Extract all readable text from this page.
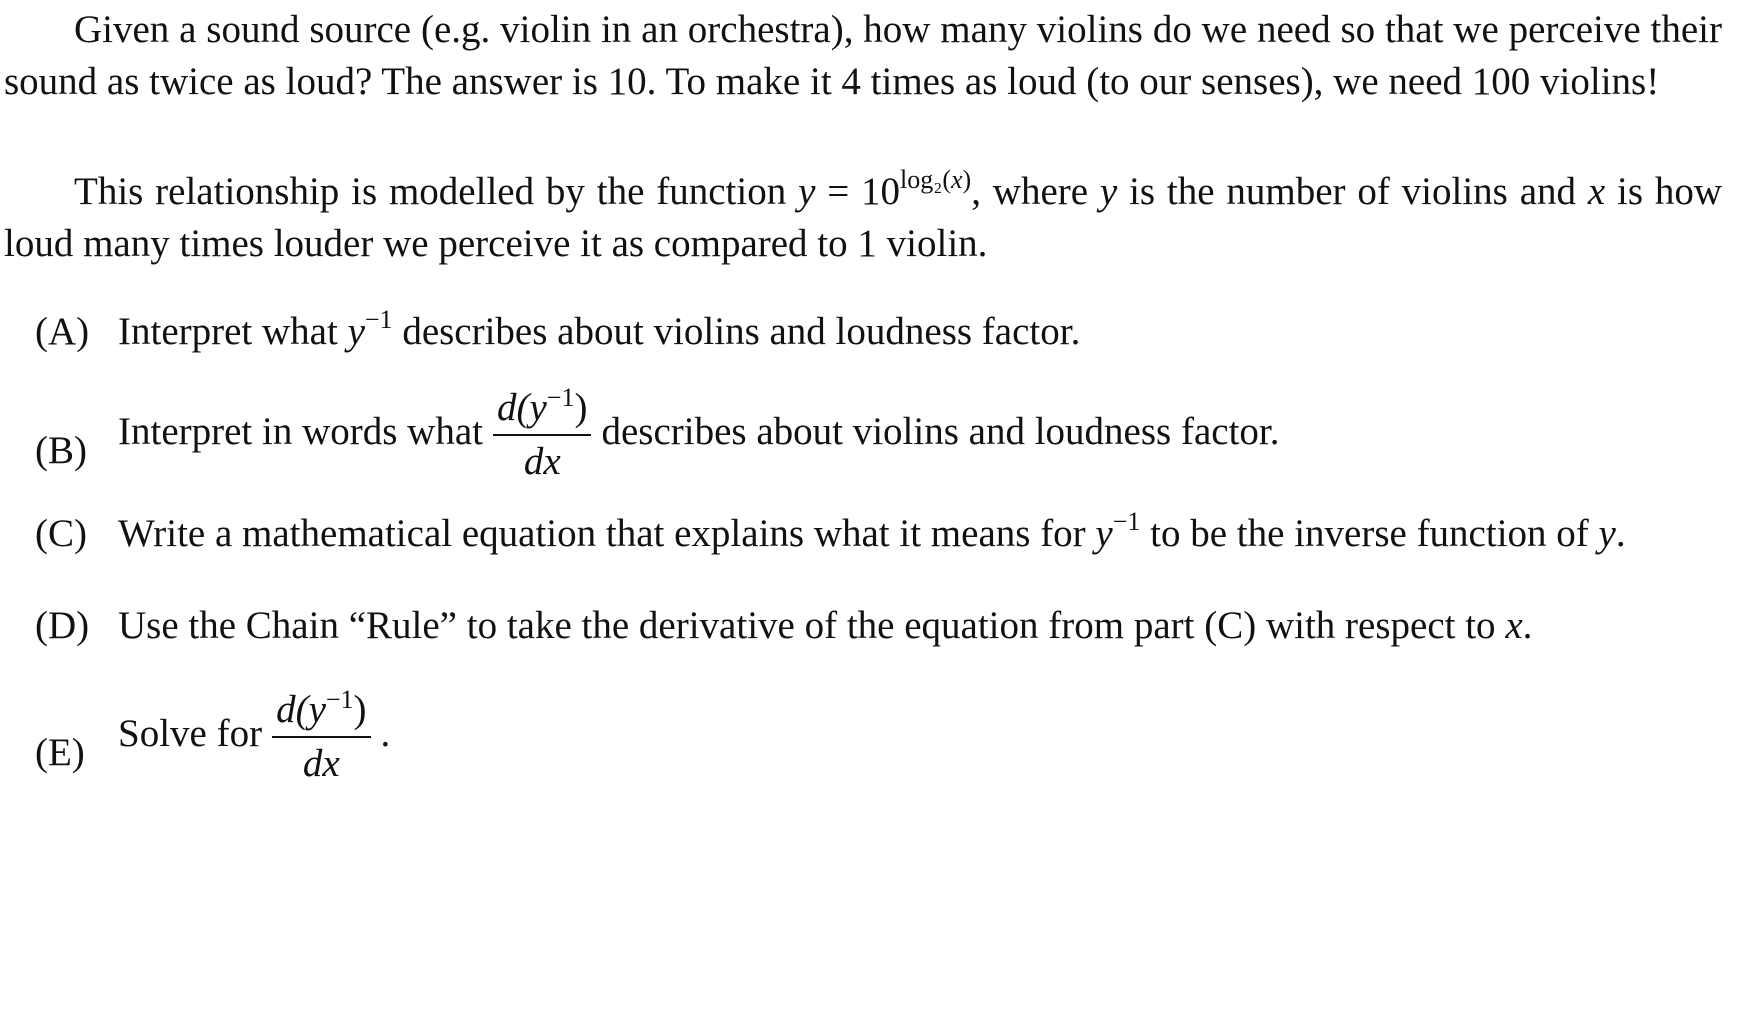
Given a sound source (e.g. violin in an orchestra), how many violins do we need so that we perceive their sound as twice as loud? The answer is 10. To make it 4 times as loud (to our senses), we need 100 violins!

This relationship is modelled by the function $y = 10^{log_2(x)}$, where y is the number of violins and x is how loud many times louder we perceive it as compared to 1 violin.

(A) Interpret what $y^{-1}$ describes about violins and loudness factor.
(B) Interpret in words what $\frac{d(y^{-1})}{dx}$ describes about violins and loudness factor.
(C) Write a mathematical equation that explains what it means for $y^{-1}$ to be the inverse function of y.
(D) Use the Chain “Rule” to take the derivative of the equation from part (C) with respect to x.
(E) Solve for $\frac{d(y^{-1})}{dx}$ .
